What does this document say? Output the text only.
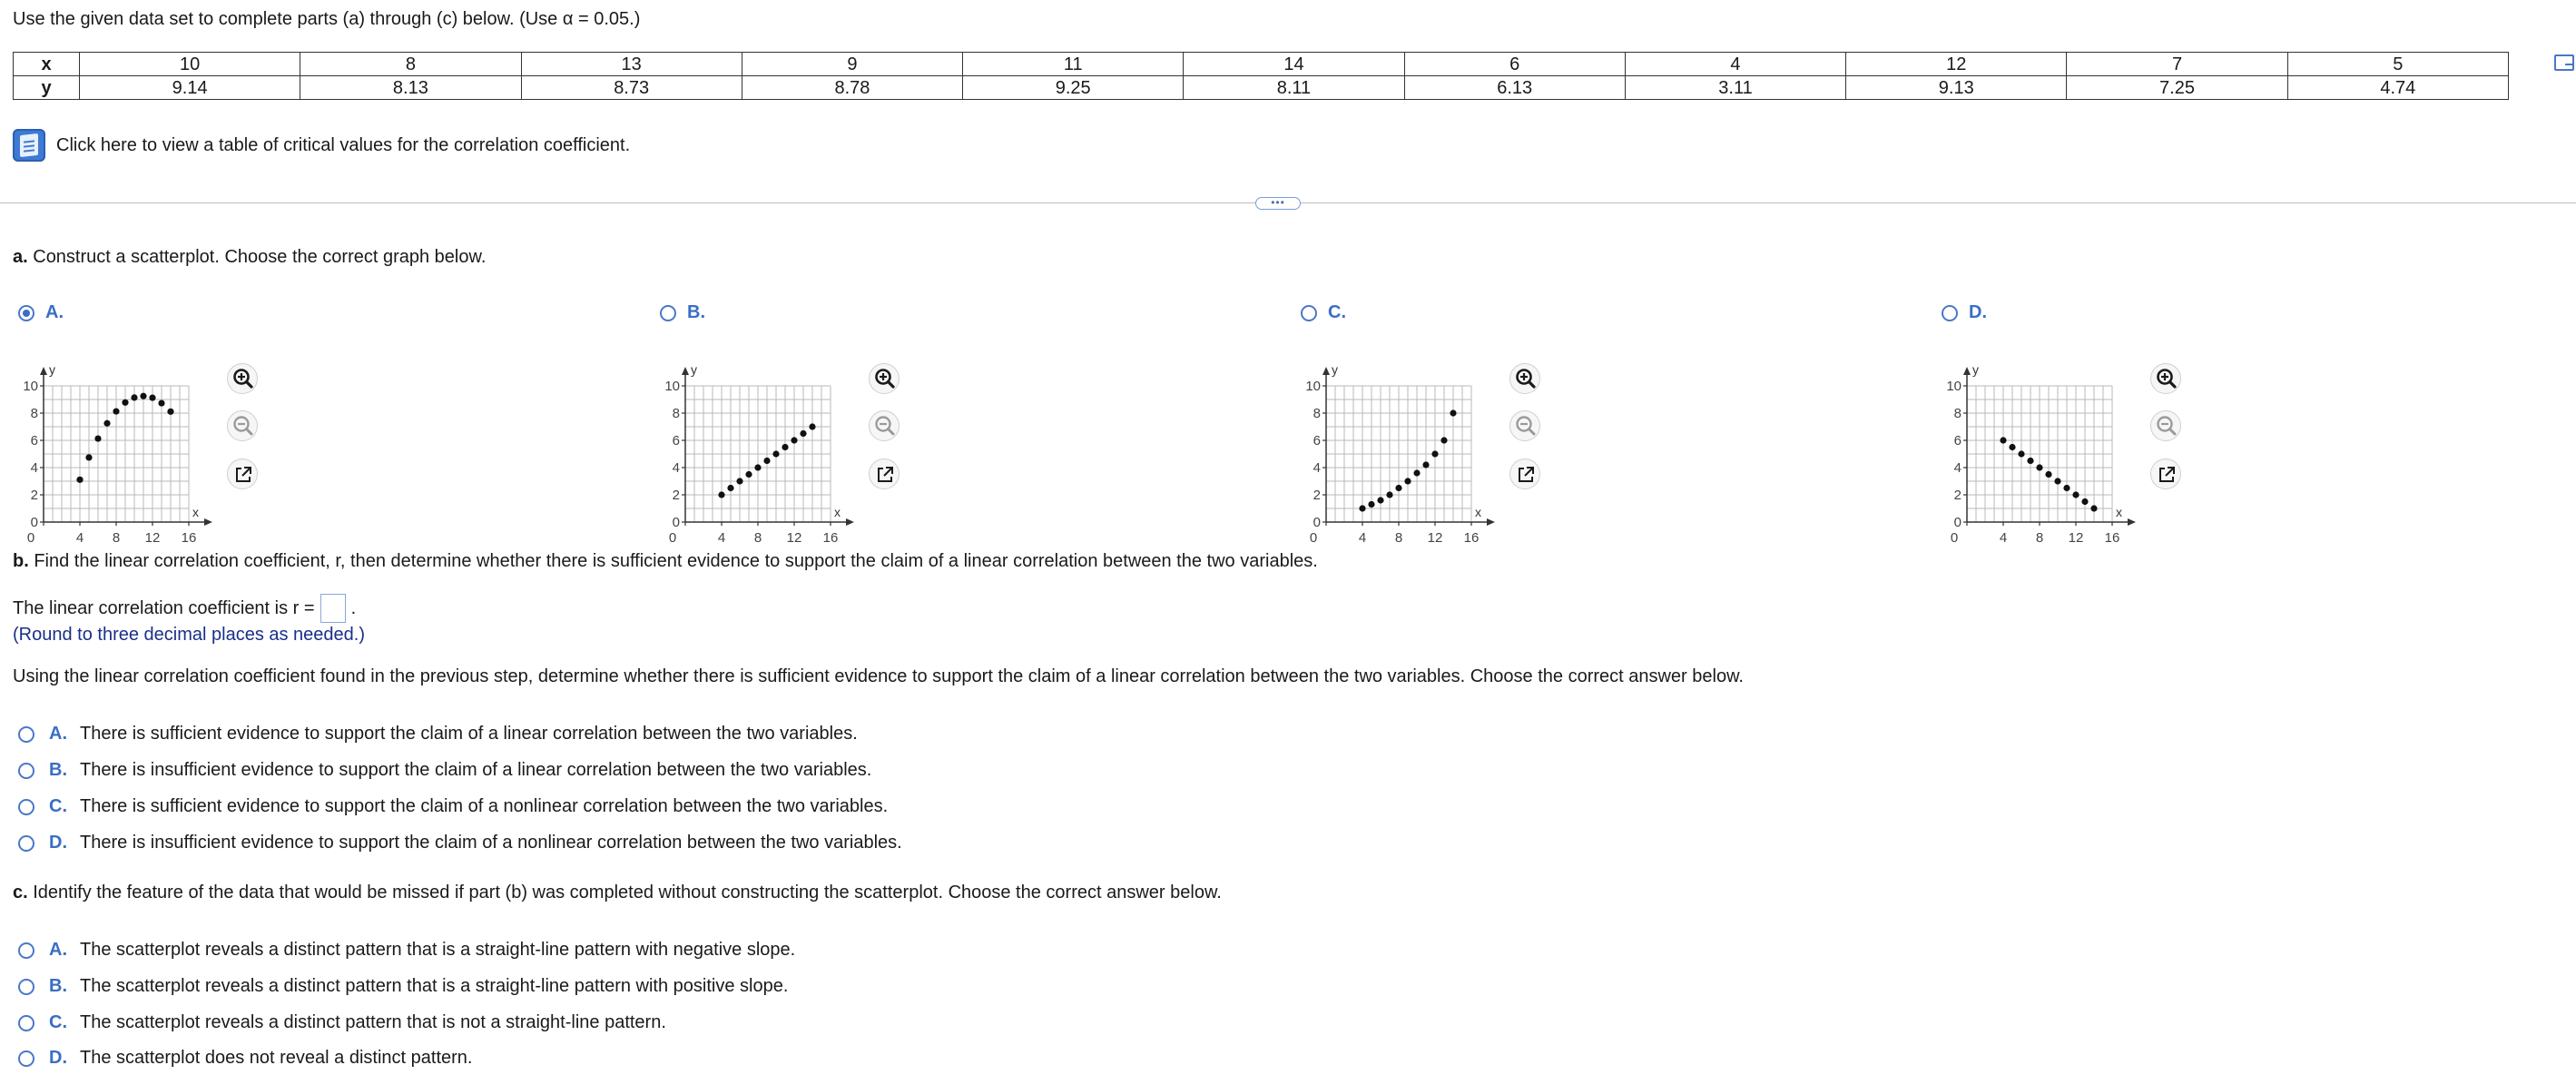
Use the given data set to complete parts (a) through (c) below. (Use α = 0.05.)
x	10	8	13	9	11	14	6	4	12	7	5
y	9.14	8.13	8.73	8.78	9.25	8.11	6.13	3.11	9.13	7.25	4.74
Click here to view a table of critical values for the correlation coefficient.
•••
a. Construct a scatterplot. Choose the correct graph below.
A.
y
x
10
8
6
4
2
0
0	4 8 12 16
B.
y
x
10
8
6
4
2
0
0	4 8 12 16
C.
y
x
10
8
6
4
2
0
0	4 8 12 16
D.
y
x
10
8
6
4
2
0
0	4 8 12 16
b. Find the linear correlation coefficient, r, then determine whether there is sufficient evidence to support the claim of a linear correlation between the two variables.
The linear correlation coefficient is r = .
(Round to three decimal places as needed.)
Using the linear correlation coefficient found in the previous step, determine whether there is sufficient evidence to support the claim of a linear correlation between the two variables. Choose the correct answer below.
A. There is sufficient evidence to support the claim of a linear correlation between the two variables.
B. There is insufficient evidence to support the claim of a linear correlation between the two variables.
C. There is sufficient evidence to support the claim of a nonlinear correlation between the two variables.
D. There is insufficient evidence to support the claim of a nonlinear correlation between the two variables.
c. Identify the feature of the data that would be missed if part (b) was completed without constructing the scatterplot. Choose the correct answer below.
A. The scatterplot reveals a distinct pattern that is a straight-line pattern with negative slope.
B. The scatterplot reveals a distinct pattern that is a straight-line pattern with positive slope.
C. The scatterplot reveals a distinct pattern that is not a straight-line pattern.
D. The scatterplot does not reveal a distinct pattern.
